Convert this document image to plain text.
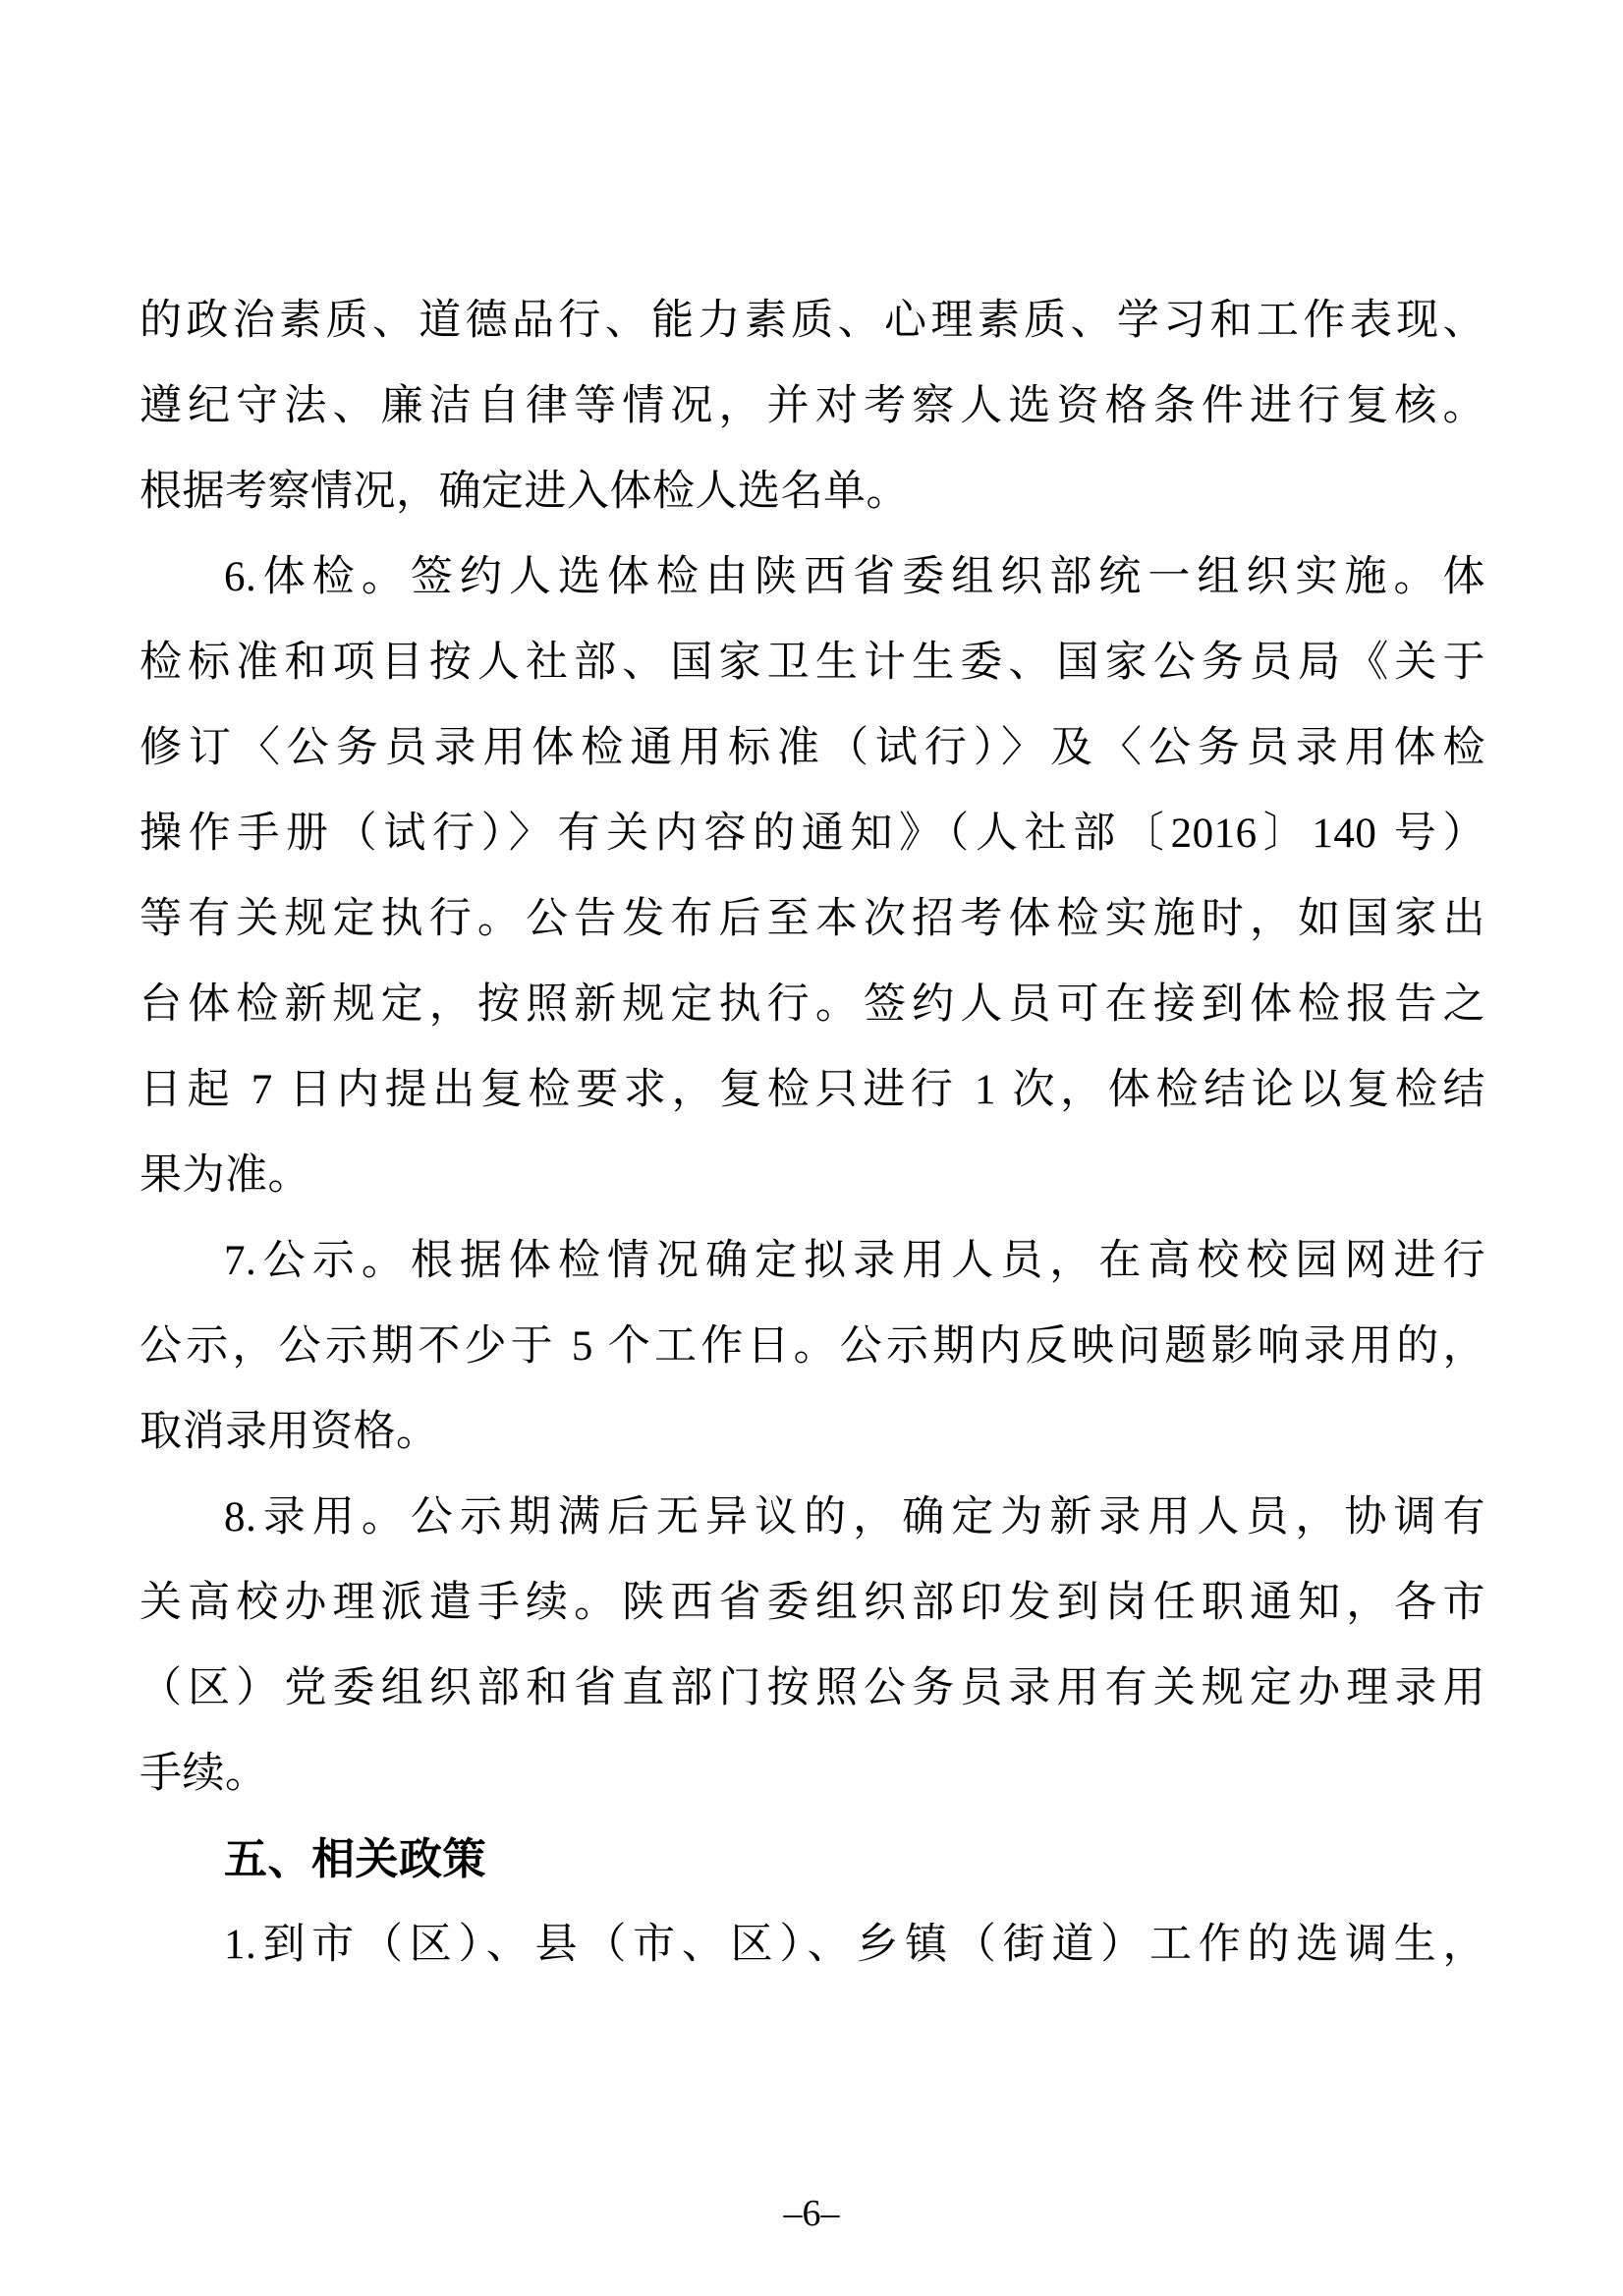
的政治素质、道德品行、能力素质、心理素质、学习和工作表现、
遵纪守法、廉洁自律等情况，并对考察人选资格条件进行复核。
根据考察情况，确定进入体检人选名单。
6.体检。签约人选体检由陕西省委组织部统一组织实施。体
检标准和项目按人社部、国家卫生计生委、国家公务员局《关于
修订〈公务员录用体检通用标准（试行）〉及〈公务员录用体检
操作手册（试行）〉有关内容的通知》（人社部〔2016〕140 号）
等有关规定执行。公告发布后至本次招考体检实施时，如国家出
台体检新规定，按照新规定执行。签约人员可在接到体检报告之
日起 7 日内提出复检要求，复检只进行 1 次，体检结论以复检结
果为准。
7.公示。根据体检情况确定拟录用人员，在高校校园网进行
公示，公示期不少于 5 个工作日。公示期内反映问题影响录用的，
取消录用资格。
8.录用。公示期满后无异议的，确定为新录用人员，协调有
关高校办理派遣手续。陕西省委组织部印发到岗任职通知，各市
（区）党委组织部和省直部门按照公务员录用有关规定办理录用
手续。
五、相关政策
1.到市（区）、县（市、区）、乡镇（街道）工作的选调生，
–6–
